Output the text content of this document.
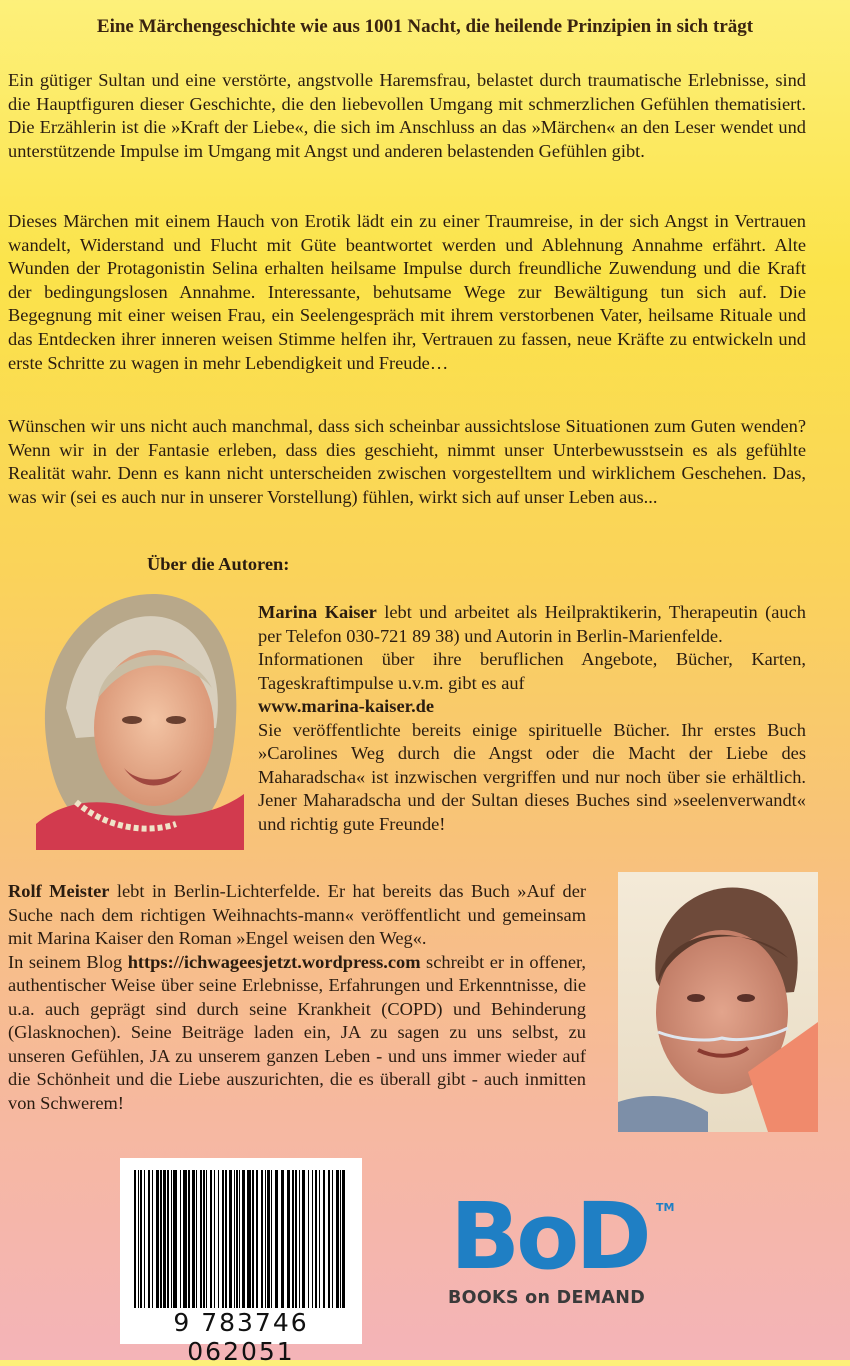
Eine Märchengeschichte wie aus 1001 Nacht, die heilende Prinzipien in sich trägt

Ein gütiger Sultan und eine verstörte, angstvolle Haremsfrau, belastet durch traumatische Erlebnisse, sind die Hauptfiguren dieser Geschichte, die den liebevollen Umgang mit schmerzlichen Gefühlen thematisiert. Die Erzählerin ist die »Kraft der Liebe«, die sich im Anschluss an das »Märchen« an den Leser wendet und unterstützende Impulse im Umgang mit Angst und anderen belastenden Gefühlen gibt.

Dieses Märchen mit einem Hauch von Erotik lädt ein zu einer Traumreise, in der sich Angst in Vertrauen wandelt, Widerstand und Flucht mit Güte beantwortet werden und Ablehnung Annahme erfährt. Alte Wunden der Protagonistin Selina erhalten heilsame Impulse durch freundliche Zuwendung und die Kraft der bedingungslosen Annahme. Interessante, behutsame Wege zur Bewältigung tun sich auf. Die Begegnung mit einer weisen Frau, ein Seelengespräch mit ihrem verstorbenen Vater, heilsame Rituale und das Entdecken ihrer inneren weisen Stimme helfen ihr, Vertrauen zu fassen, neue Kräfte zu entwickeln und erste Schritte zu wagen in mehr Lebendigkeit und Freude…

Wünschen wir uns nicht auch manchmal, dass sich scheinbar aussichtslose Situationen zum Guten wenden? Wenn wir in der Fantasie erleben, dass dies geschieht, nimmt unser Unterbewusstsein es als gefühlte Realität wahr. Denn es kann nicht unterscheiden zwischen vorgestelltem und wirklichem Geschehen. Das, was wir (sei es auch nur in unserer Vorstellung) fühlen, wirkt sich auf unser Leben aus...

Über die Autoren:
Marina Kaiser lebt und arbeitet als Heilpraktikerin, Therapeutin (auch per Telefon 030-721 89 38) und Autorin in Berlin-Marienfelde.
Informationen über ihre beruflichen Angebote, Bücher, Karten, Tageskraftimpulse u.v.m. gibt es auf
www.marina-kaiser.de
Sie veröffentlichte bereits einige spirituelle Bücher. Ihr erstes Buch »Carolines Weg durch die Angst oder die Macht der Liebe des Maharadscha« ist inzwischen vergriffen und nur noch über sie erhältlich. Jener Maharadscha und der Sultan dieses Buches sind »seelenverwandt« und richtig gute Freunde!
Rolf Meister lebt in Berlin-Lichterfelde. Er hat bereits das Buch »Auf der Suche nach dem richtigen Weihnachts-mann« veröffentlicht und gemeinsam mit Marina Kaiser den Roman »Engel weisen den Weg«.
In seinem Blog https://ichwageesjetzt.wordpress.com schreibt er in offener, authentischer Weise über seine Erlebnisse, Erfahrungen und Erkenntnisse, die u.a. auch geprägt sind durch seine Krankheit (COPD) und Behinderung (Glasknochen). Seine Beiträge laden ein, JA zu sagen zu uns selbst, zu unseren Gefühlen, JA zu unserem ganzen Leben - und uns immer wieder auf die Schönheit und die Liebe auszurichten, die es überall gibt - auch inmitten von Schwerem!
9 783746 062051
BoD TM
BOOKS on DEMAND
